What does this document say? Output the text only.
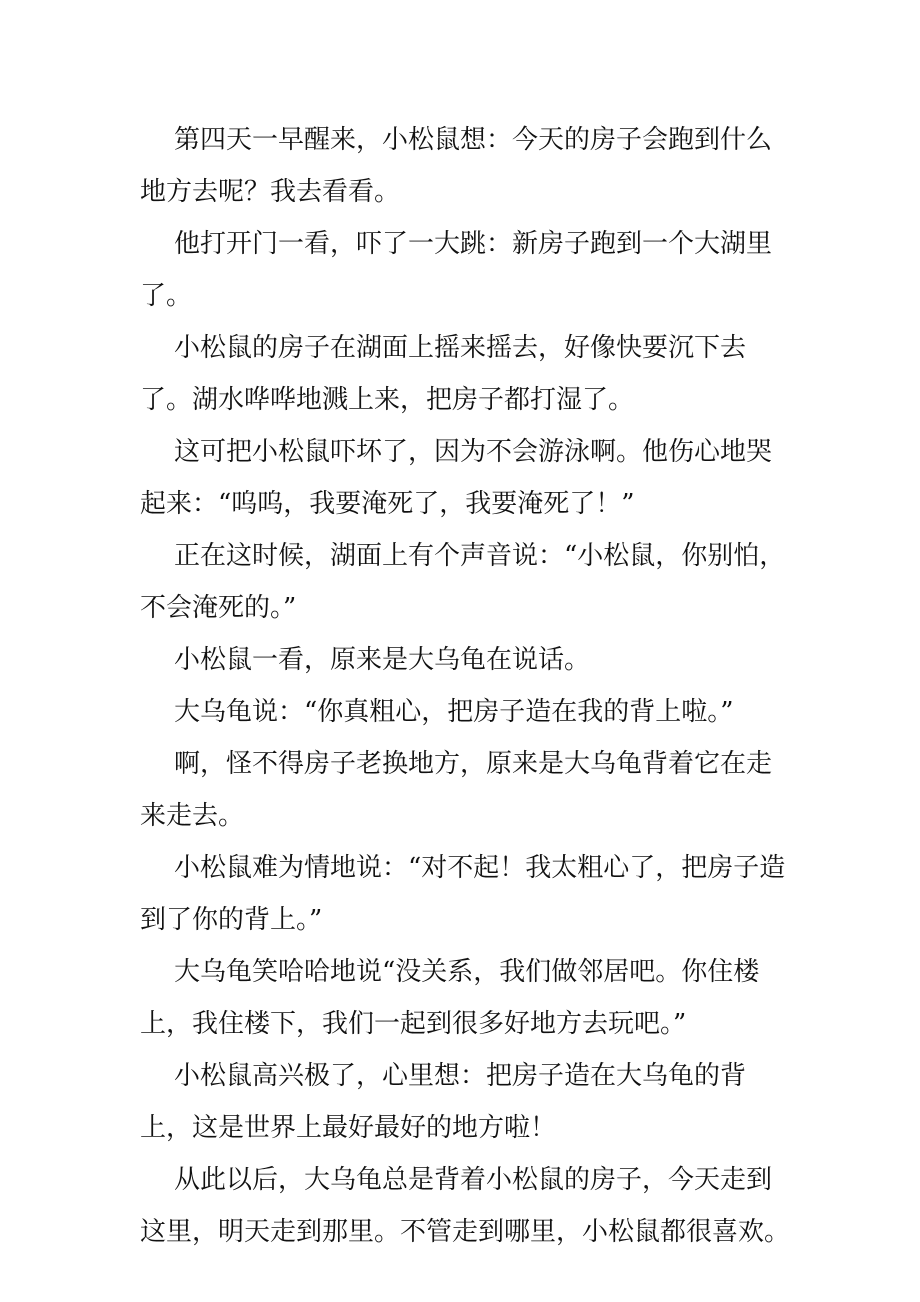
第四天一早醒来，小松鼠想：今天的房子会跑到什么地方去呢？我去看看。

他打开门一看，吓了一大跳：新房子跑到一个大湖里了。

小松鼠的房子在湖面上摇来摇去，好像快要沉下去了。湖水哗哗地溅上来，把房子都打湿了。

这可把小松鼠吓坏了，因为不会游泳啊。他伤心地哭起来：“呜呜，我要淹死了，我要淹死了！”

正在这时候，湖面上有个声音说：“小松鼠，你别怕，不会淹死的。”

小松鼠一看，原来是大乌龟在说话。

大乌龟说：“你真粗心，把房子造在我的背上啦。”

啊，怪不得房子老换地方，原来是大乌龟背着它在走来走去。

小松鼠难为情地说：“对不起！我太粗心了，把房子造到了你的背上。”

大乌龟笑哈哈地说“没关系，我们做邻居吧。你住楼上，我住楼下，我们一起到很多好地方去玩吧。”

小松鼠高兴极了，心里想：把房子造在大乌龟的背上，这是世界上最好最好的地方啦！

从此以后，大乌龟总是背着小松鼠的房子，今天走到这里，明天走到那里。不管走到哪里，小松鼠都很喜欢。
